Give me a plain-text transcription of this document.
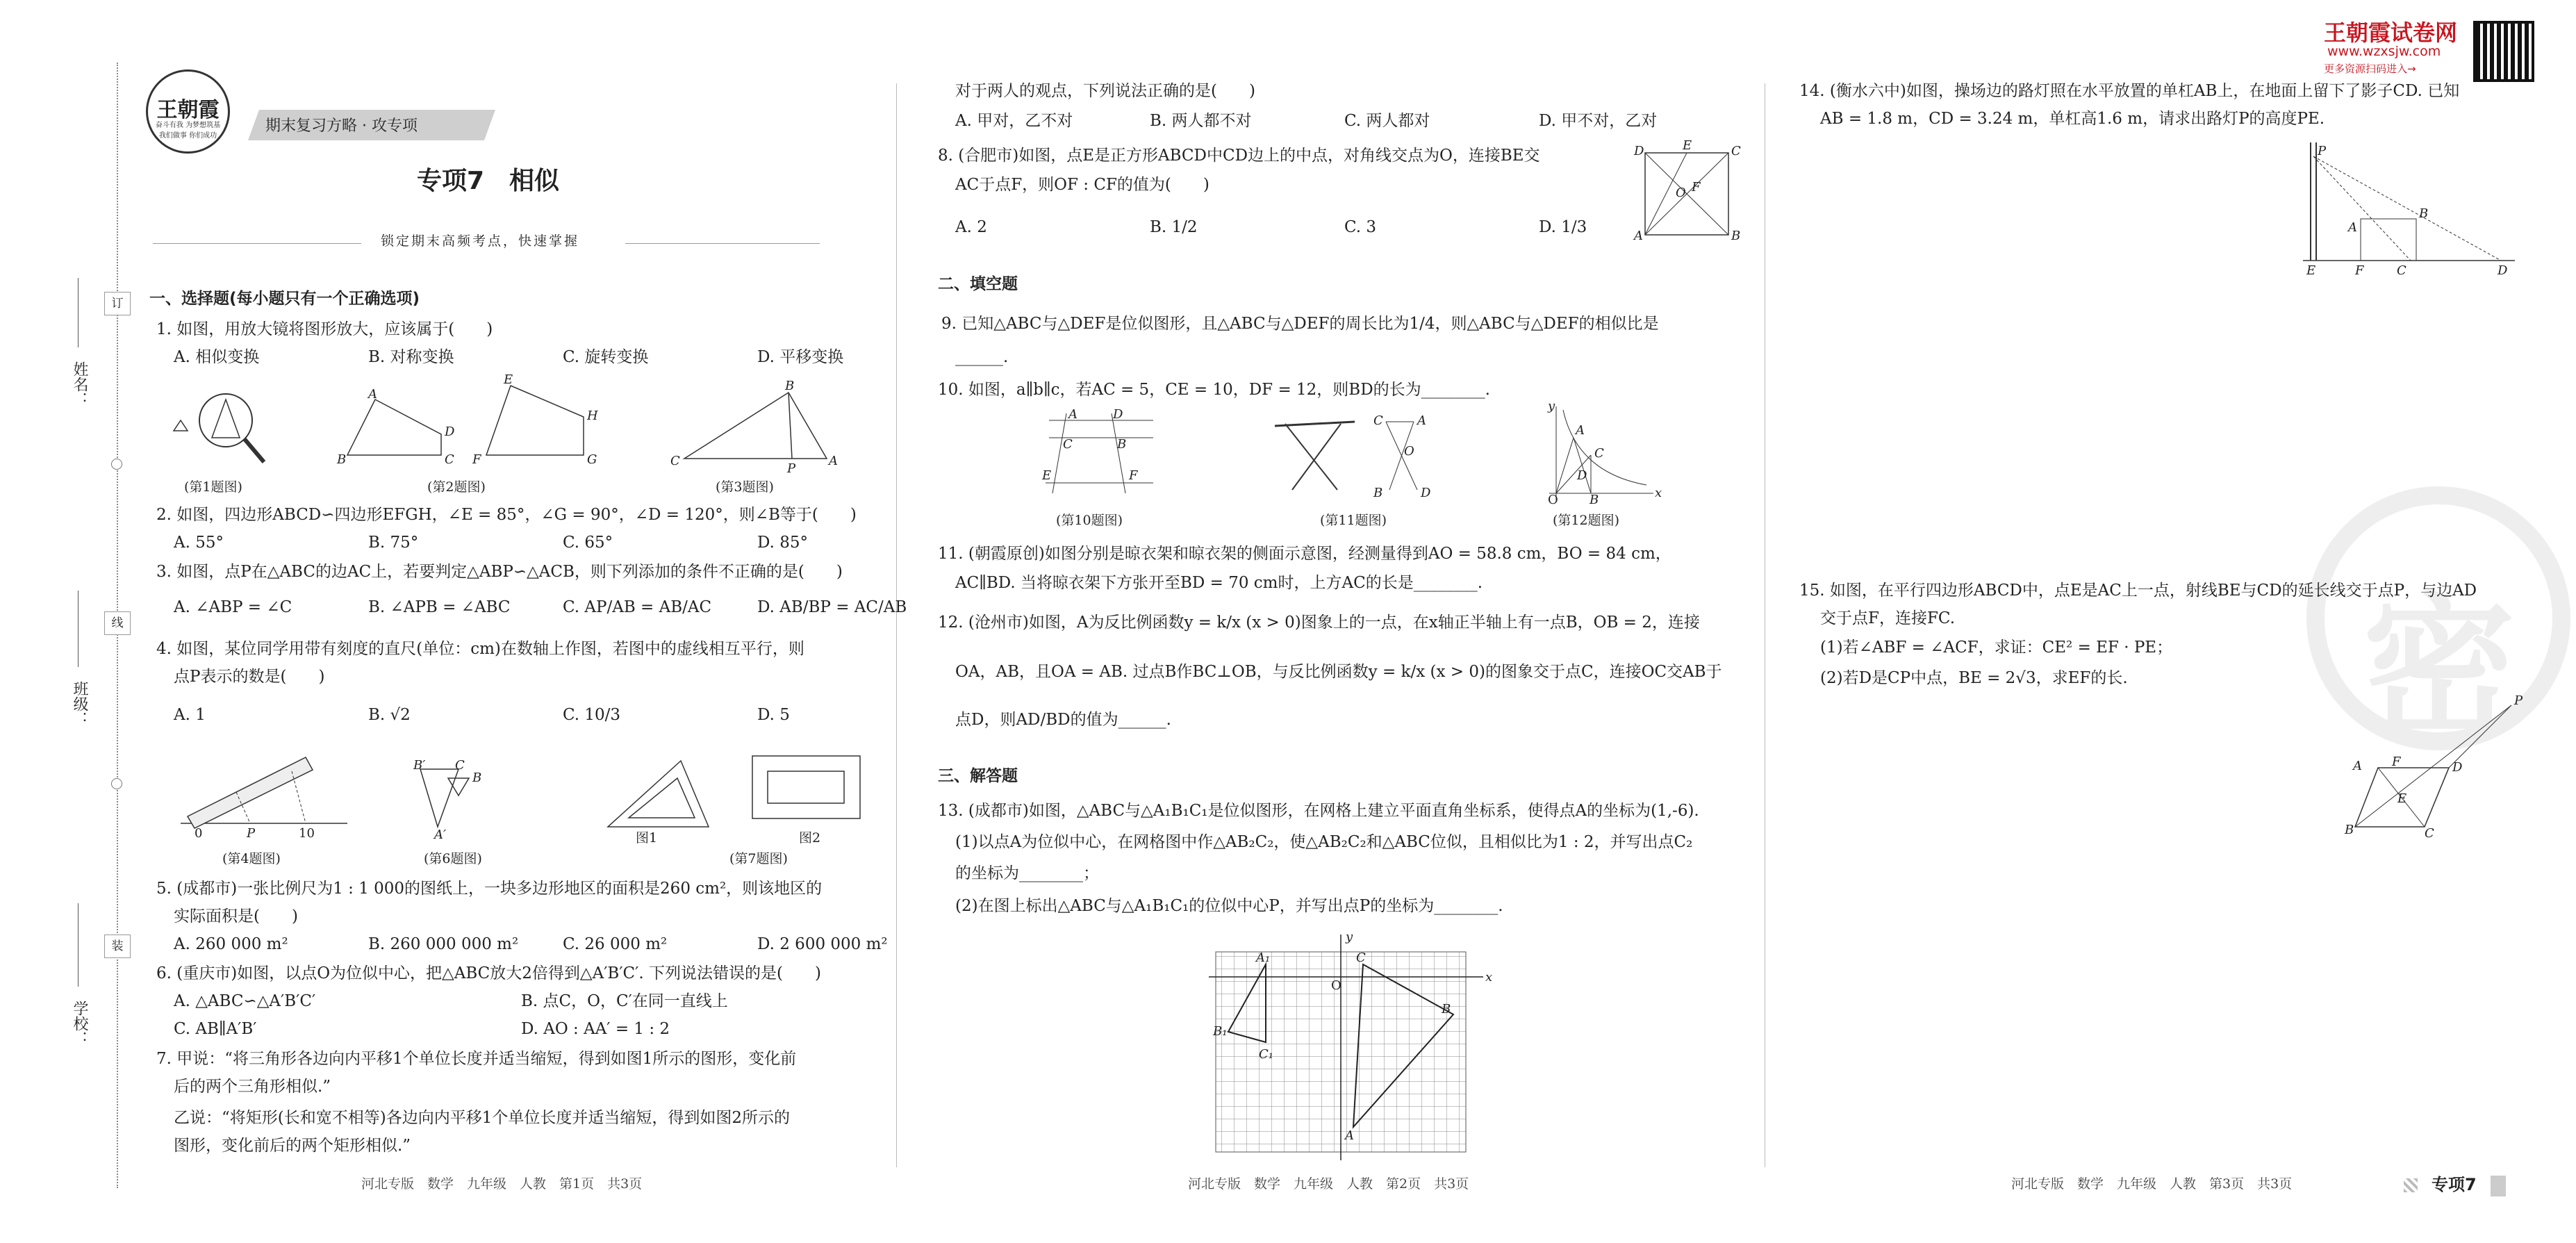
订
线
装
姓名：
班级：
学校：
王朝霞
奋斗有我 为梦想筑基
我们做事 你们成功
期末复习方略 · 攻专项
王朝霞试卷网
www.wzxsjw.com
更多资源扫码进入→
密
专项7　相似
锁定期末高频考点，快速掌握
一、选择题(每小题只有一个正确选项)
1. 如图，用放大镜将图形放大，应该属于(　　)
A. 相似变换	B. 对称变换	C. 旋转变换	D. 平移变换
A
B	C
D
E
F	G
H
B
C	A
P
(第1题图)	(第2题图)	(第3题图)
2. 如图，四边形ABCD∽四边形EFGH，∠E = 85°，∠G = 90°，∠D = 120°，则∠B等于(　　)
A. 55°	B. 75°	C. 65°	D. 85°
3. 如图，点P在△ABC的边AC上，若要判定△ABP∽△ACB，则下列添加的条件不正确的是(　　)
A. ∠ABP = ∠C	B. ∠APB = ∠ABC	C. AP/AB = AB/AC	D. AB/BP = AC/AB
4. 如图，某位同学用带有刻度的直尺(单位：cm)在数轴上作图，若图中的虚线相互平行，则
点P表示的数是(　　)
A. 1	B. √2	C. 10/3	D. 5
0	P	10
B′ C
B
A′
(第4题图)	(第6题图)
图1	图2
(第7题图)
5. (成都市)一张比例尺为1 : 1 000的图纸上，一块多边形地区的面积是260 cm²，则该地区的
实际面积是(　　)
A. 260 000 m²	B. 260 000 000 m²	C. 26 000 m²	D. 2 600 000 m²
6. (重庆市)如图，以点O为位似中心，把△ABC放大2倍得到△A′B′C′. 下列说法错误的是(　　)
A. △ABC∽△A′B′C′	B. 点C，O，C′在同一直线上
C. AB∥A′B′	D. AO : AA′ = 1 : 2
7. 甲说：“将三角形各边向内平移1个单位长度并适当缩短，得到如图1所示的图形，变化前
后的两个三角形相似.”
乙说：“将矩形(长和宽不相等)各边向内平移1个单位长度并适当缩短，得到如图2所示的
图形，变化前后的两个矩形相似.”
河北专版　数学　九年级　人教　第1页　共3页
对于两人的观点，下列说法正确的是(　　)
A. 甲对，乙不对	B. 两人都不对	C. 两人都对	D. 甲不对，乙对
8. (合肥市)如图，点E是正方形ABCD中CD边上的中点，对角线交点为O，连接BE交
AC于点F，则OF : CF的值为(　　)
A. 2	B. 1/2	C. 3	D. 1/3
D	E	C
O F
A	B
二、填空题
9. 已知△ABC与△DEF是位似图形，且△ABC与△DEF的周长比为1/4，则△ABC与△DEF的相似比是
______.
10. 如图，a∥b∥c，若AC = 5，CE = 10，DF = 12，则BD的长为________.
A	D
C	B
E	F
C	A
O
B	D
y
A
C
D
O	B	x
(第10题图)	(第11题图)	(第12题图)
11. (朝霞原创)如图分别是晾衣架和晾衣架的侧面示意图，经测量得到AO = 58.8 cm，BO = 84 cm，
AC∥BD. 当将晾衣架下方张开至BD = 70 cm时，上方AC的长是________.
12. (沧州市)如图，A为反比例函数y = k/x (x > 0)图象上的一点，在x轴正半轴上有一点B，OB = 2，连接
OA，AB，且OA = AB. 过点B作BC⊥OB，与反比例函数y = k/x (x > 0)的图象交于点C，连接OC交AB于
点D，则AD/BD的值为______.
三、解答题
13. (成都市)如图，△ABC与△A₁B₁C₁是位似图形，在网格上建立平面直角坐标系，使得点A的坐标为(1,-6).
(1)以点A为位似中心，在网格图中作△AB₂C₂，使△AB₂C₂和△ABC位似，且相似比为1 : 2，并写出点C₂
的坐标为________；
(2)在图上标出△ABC与△A₁B₁C₁的位似中心P，并写出点P的坐标为________.
y
x
O
A₁	C
B
B₁
C₁
A
河北专版　数学　九年级　人教　第2页　共3页
14. (衡水六中)如图，操场边的路灯照在水平放置的单杠AB上，在地面上留下了影子CD. 已知
AB = 1.8 m，CD = 3.24 m，单杠高1.6 m，请求出路灯P的高度PE.
P
A
B
E	F	C	D
15. 如图，在平行四边形ABCD中，点E是AC上一点，射线BE与CD的延长线交于点P，与边AD
交于点F，连接FC.
(1)若∠ABF = ∠ACF，求证：CE² = EF · PE；
(2)若D是CP中点，BE = 2√3，求EF的长.
A F	D
E
B	C
P
河北专版　数学　九年级　人教　第3页　共3页	专项7
